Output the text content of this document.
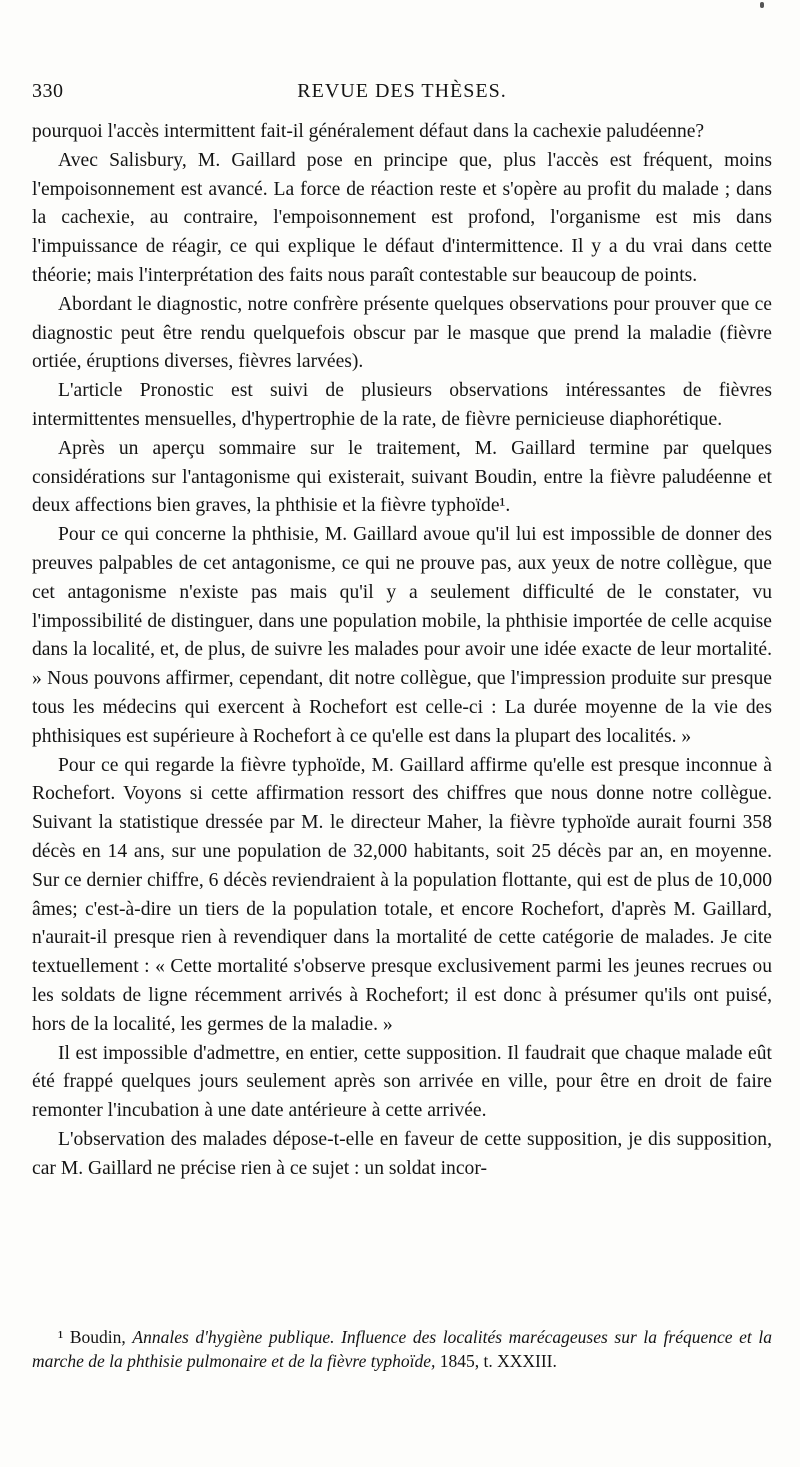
330	REVUE DES THÈSES.

pourquoi l'accès intermittent fait-il généralement défaut dans la cachexie paludéenne?

Avec Salisbury, M. Gaillard pose en principe que, plus l'accès est fréquent, moins l'empoisonnement est avancé. La force de réaction reste et s'opère au profit du malade ; dans la cachexie, au contraire, l'empoisonnement est profond, l'organisme est mis dans l'impuissance de réagir, ce qui explique le défaut d'intermittence. Il y a du vrai dans cette théorie; mais l'interprétation des faits nous paraît contestable sur beaucoup de points.

Abordant le diagnostic, notre confrère présente quelques observations pour prouver que ce diagnostic peut être rendu quelquefois obscur par le masque que prend la maladie (fièvre ortiée, éruptions diverses, fièvres larvées).

L'article Pronostic est suivi de plusieurs observations intéressantes de fièvres intermittentes mensuelles, d'hypertrophie de la rate, de fièvre pernicieuse diaphorétique.

Après un aperçu sommaire sur le traitement, M. Gaillard termine par quelques considérations sur l'antagonisme qui existerait, suivant Boudin, entre la fièvre paludéenne et deux affections bien graves, la phthisie et la fièvre typhoïde¹.

Pour ce qui concerne la phthisie, M. Gaillard avoue qu'il lui est impossible de donner des preuves palpables de cet antagonisme, ce qui ne prouve pas, aux yeux de notre collègue, que cet antagonisme n'existe pas mais qu'il y a seulement difficulté de le constater, vu l'impossibilité de distinguer, dans une population mobile, la phthisie importée de celle acquise dans la localité, et, de plus, de suivre les malades pour avoir une idée exacte de leur mortalité. » Nous pouvons affirmer, cependant, dit notre collègue, que l'impression produite sur presque tous les médecins qui exercent à Rochefort est celle-ci : La durée moyenne de la vie des phthisiques est supérieure à Rochefort à ce qu'elle est dans la plupart des localités. »

Pour ce qui regarde la fièvre typhoïde, M. Gaillard affirme qu'elle est presque inconnue à Rochefort. Voyons si cette affirmation ressort des chiffres que nous donne notre collègue. Suivant la statistique dressée par M. le directeur Maher, la fièvre typhoïde aurait fourni 358 décès en 14 ans, sur une population de 32,000 habitants, soit 25 décès par an, en moyenne. Sur ce dernier chiffre, 6 décès reviendraient à la population flottante, qui est de plus de 10,000 âmes; c'est-à-dire un tiers de la population totale, et encore Rochefort, d'après M. Gaillard, n'aurait-il presque rien à revendiquer dans la mortalité de cette catégorie de malades. Je cite textuellement : « Cette mortalité s'observe presque exclusivement parmi les jeunes recrues ou les soldats de ligne récemment arrivés à Rochefort; il est donc à présumer qu'ils ont puisé, hors de la localité, les germes de la maladie. »

Il est impossible d'admettre, en entier, cette supposition. Il faudrait que chaque malade eût été frappé quelques jours seulement après son arrivée en ville, pour être en droit de faire remonter l'incubation à une date antérieure à cette arrivée.

L'observation des malades dépose-t-elle en faveur de cette supposition, je dis supposition, car M. Gaillard ne précise rien à ce sujet : un soldat incor-

¹ Boudin, Annales d'hygiène publique. Influence des localités marécageuses sur la fréquence et la marche de la phthisie pulmonaire et de la fièvre typhoïde, 1845, t. XXXIII.
